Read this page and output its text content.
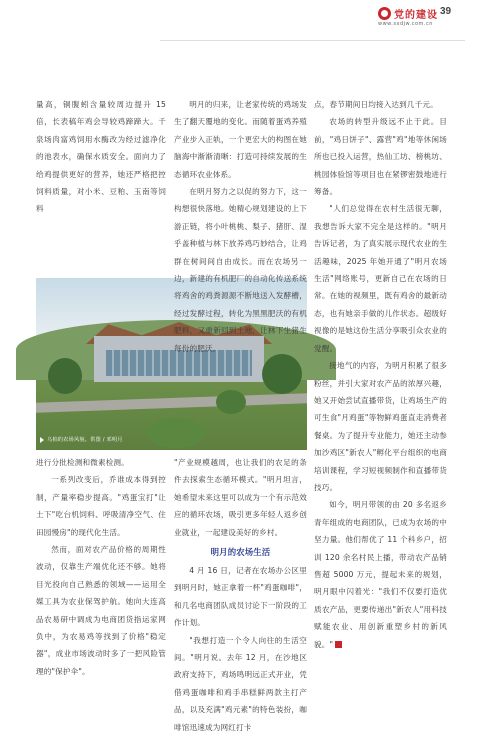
党的建设
www.sxdjw.com.cn
39

量高，铜腹蚓含量较周边提升 15 倍，长表稿年鸡会导较鸡蹄蹄大。千泉场肉富鸡饲用水酶改为经过滤净化的池表水，确保水质安全。面向力了给鸡提供更好的营养，她还严格把控饲料质量，对小米、豆粕、玉南等饲料

进行分批检测和微素检测。

一系列改变后，乔谁成本得到控制，产量率稳步提高。"鸡蛋宝打"让土下"吃台机饲料、呼吸清净空气、住田园慢房"的现代化生活。

然而，面对农产品价格的周期性波动，仅靠生产端优化还不够。她将目光投向自己熟悉的领域——运用全媒工具为农业保驾护航。她向大连高品农易研中调成为电商团货指运家网负中，为农易鸡等找到了价格"稳定器"，成业市场波动时多了一把风险管理的"保护伞"。

乌柏的农场风貌。供图 / 邓明月

明月的归来，让老家传统的鸡场发生了翻天覆地的变化。而随着蛋鸡养殖产业步入正轨，一个更宏大的构图在她脑海中渐渐清晰：打造可持续发展的生态循环农业体系。

在明月努力之以促的努力下，这一构想很快落地。她精心规划建设的上下游正链，将小叶桃桃、梨子、猪肝、湿乎盖种植与林下放养鸡巧妙结合，让鸡群在树间间自由成长。而在农场另一边，新建的有机肥厂的自动化传送系统将鸡舍的鸡粪源源不断地送入发酵槽，经过发酵过程，转化为黑黑肥沃的有机肥料，又重新回到土地，让林下生猪生每份的肥沃。

"产业规模越周，也让我们的农足的条件去探索生态循环模式。"明月坦言，她希望未来这里可以成为一个有示范效应的循环农场，吸引更多年轻人返乡创业就业，一起建设美好的乡村。

明月的农场生活

4 月 16 日，记者在农场办公区里到明月时，她正拿着一杯"鸡蛋咖啡"，和几名电商团队成员讨论下一阶段的工作计划。

"我想打造一个令人向往的生活空间。"明月说。去年 12 月，在沙地区政府支持下，鸡场鸣明远正式开业，凭借鸡蛋咖啡和鸡手串糕鲜两款主打产品，以及充满"鸡元素"的特色装扮，咖啡馆迅速成为网红打卡

点，春节期间日均接入达到几千元。

农场的转型升级远不止于此。目前，"鸡日饼子"、露营"鸡"地等休闲场所也已投入运营，热仙工坊、榜桃坊、桃园体验馆等项目也在紧锣密鼓地进行筹备。

"人们总觉得在农村生活很无聊，我想告诉大家不完全是这样的。"明月告诉记者，为了真实展示现代农业的生活趣味，2025 年她开通了"明月农场生活"网络账号，更新自己在农场的日常。在她的视频里，既有鸡舍的最新动态，也有她亲手做的儿作状态。超级好视像的是她这份生活分享吸引众农业的觉醒。

接地气的内容，为明月积累了很多粉丝，并引大家对农产品的浓厚兴趣，她又开始尝试直播带货，让鸡场生产的可生食"月鸡蛋"等物鲜鸡蛋直走消费者餐桌。为了提升专业能力，她还主动参加沙鸡区"新农人"孵化平台组织的电商培训课程，学习短视频制作和直播带货技巧。

如今，明月带领的由 20 多名返乡青年组成的电商团队，已成为农场的中坚力量。他们帮优了 11 个科乡户，招训 120 余名村民上播，带动农产品销售超 5000 万元，提起未来的规划，明月眼中闪着光："我们不仅要打造优质农产品，更要传递出"新农人"用科技赋能农业、用创新重塑乡村的新风貌。"
